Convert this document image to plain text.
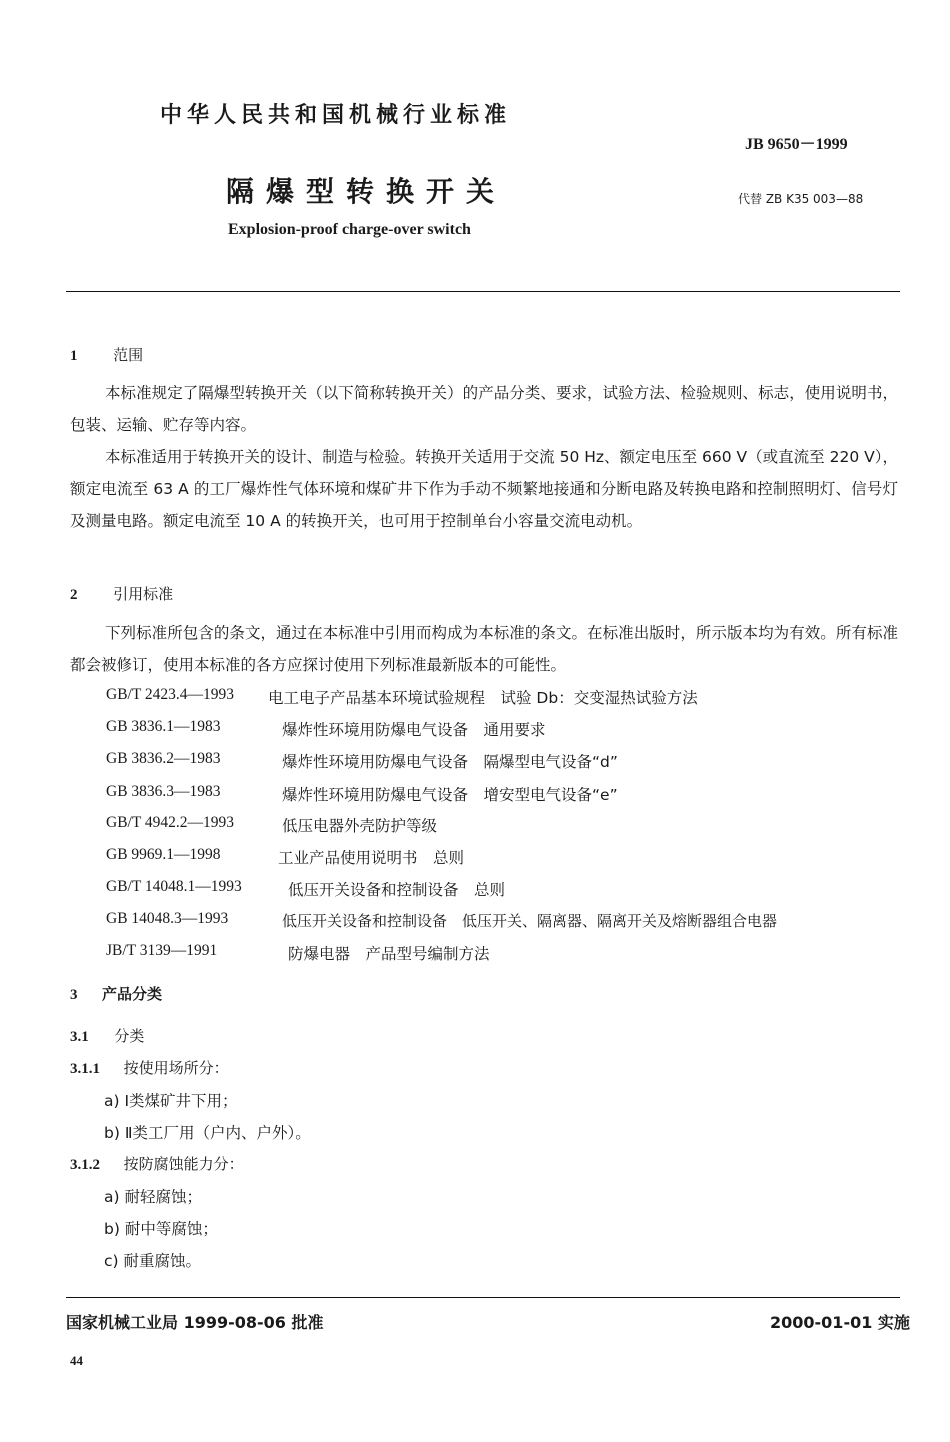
中华人民共和国机械行业标准
JB 9650－1999
隔爆型转换开关	代替 ZB K35 003—88
Explosion-proof charge-over switch
1 范围
本标准规定了隔爆型转换开关（以下简称转换开关）的产品分类、要求，试验方法、检验规则、标志，使用说明书，包装、运输、贮存等内容。
本标准适用于转换开关的设计、制造与检验。转换开关适用于交流 50 Hz、额定电压至 660 V（或直流至 220 V），额定电流至 63 A 的工厂爆炸性气体环境和煤矿井下作为手动不频繁地接通和分断电路及转换电路和控制照明灯、信号灯及测量电路。额定电流至 10 A 的转换开关，也可用于控制单台小容量交流电动机。
2 引用标准
下列标准所包含的条文，通过在本标准中引用而构成为本标准的条文。在标准出版时，所示版本均为有效。所有标准都会被修订，使用本标准的各方应探讨使用下列标准最新版本的可能性。
GB/T 2423.4—1993 电工电子产品基本环境试验规程　试验 Db：交变湿热试验方法
GB 3836.1—1983	爆炸性环境用防爆电气设备　通用要求
GB 3836.2—1983	爆炸性环境用防爆电气设备　隔爆型电气设备“d”
GB 3836.3—1983	爆炸性环境用防爆电气设备　增安型电气设备“e”
GB/T 4942.2—1993	低压电器外壳防护等级
GB 9969.1—1998	工业产品使用说明书　总则
GB/T 14048.1—1993	低压开关设备和控制设备　总则
GB 14048.3—1993	低压开关设备和控制设备　低压开关、隔离器、隔离开关及熔断器组合电器
JB/T 3139—1991	防爆电器　产品型号编制方法
3 产品分类
3.1 分类
3.1.1 按使用场所分：
a) Ⅰ类煤矿井下用；
b) Ⅱ类工厂用（户内、户外）。
3.1.2 按防腐蚀能力分：
a) 耐轻腐蚀；
b) 耐中等腐蚀；
c) 耐重腐蚀。
国家机械工业局 1999-08-06 批准	2000-01-01 实施
44
